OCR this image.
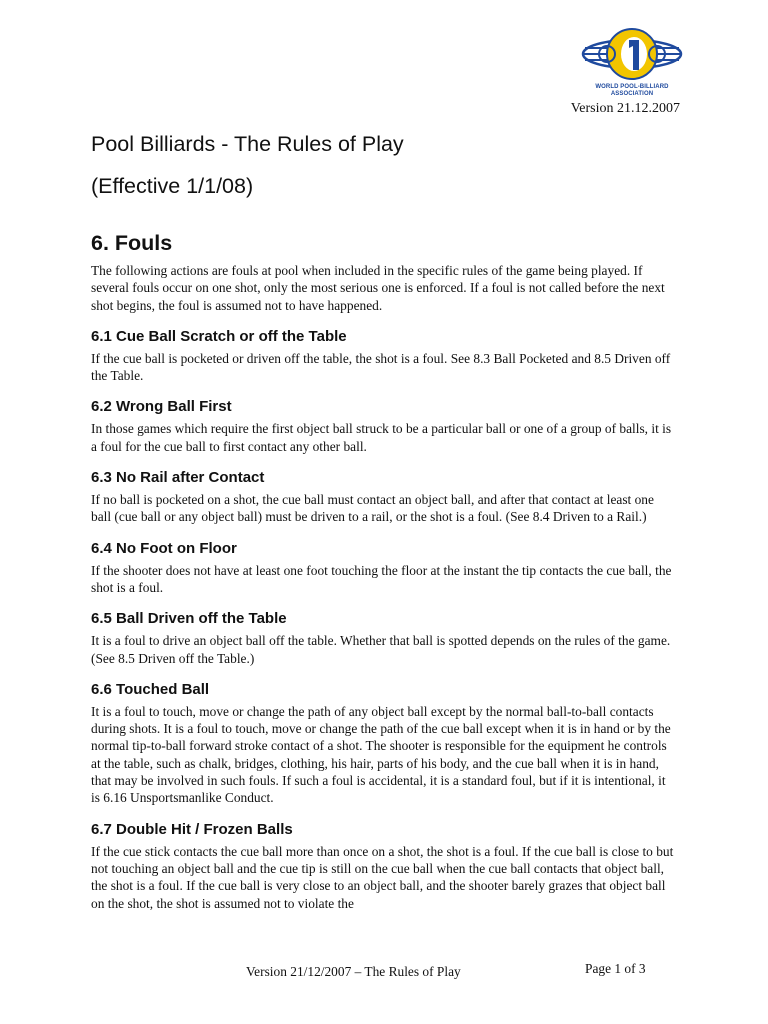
WORLD POOL-BILLIARD
ASSOCIATION
Version 21.12.2007
Pool Billiards - The Rules of Play
(Effective 1/1/08)
6. Fouls

The following actions are fouls at pool when included in the specific rules of the game being played. If several fouls occur on one shot, only the most serious one is enforced. If a foul is not called before the next shot begins, the foul is assumed not to have happened.

6.1 Cue Ball Scratch or off the Table

If the cue ball is pocketed or driven off the table, the shot is a foul. See 8.3 Ball Pocketed and 8.5 Driven off the Table.

6.2 Wrong Ball First

In those games which require the first object ball struck to be a particular ball or one of a group of balls, it is a foul for the cue ball to first contact any other ball.

6.3 No Rail after Contact

If no ball is pocketed on a shot, the cue ball must contact an object ball, and after that contact at least one ball (cue ball or any object ball) must be driven to a rail, or the shot is a foul. (See 8.4 Driven to a Rail.)

6.4 No Foot on Floor

If the shooter does not have at least one foot touching the floor at the instant the tip contacts the cue ball, the shot is a foul.

6.5 Ball Driven off the Table

It is a foul to drive an object ball off the table. Whether that ball is spotted depends on the rules of the game. (See 8.5 Driven off the Table.)

6.6 Touched Ball

It is a foul to touch, move or change the path of any object ball except by the normal ball-to-ball contacts during shots. It is a foul to touch, move or change the path of the cue ball except when it is in hand or by the normal tip-to-ball forward stroke contact of a shot. The shooter is responsible for the equipment he controls at the table, such as chalk, bridges, clothing, his hair, parts of his body, and the cue ball when it is in hand, that may be involved in such fouls. If such a foul is accidental, it is a standard foul, but if it is intentional, it is 6.16 Unsportsmanlike Conduct.

6.7 Double Hit / Frozen Balls

If the cue stick contacts the cue ball more than once on a shot, the shot is a foul. If the cue ball is close to but not touching an object ball and the cue tip is still on the cue ball when the cue ball contacts that object ball, the shot is a foul. If the cue ball is very close to an object ball, and the shooter barely grazes that object ball on the shot, the shot is assumed not to violate the

Version 21/12/2007 – The Rules of Play	Page 1 of 3
